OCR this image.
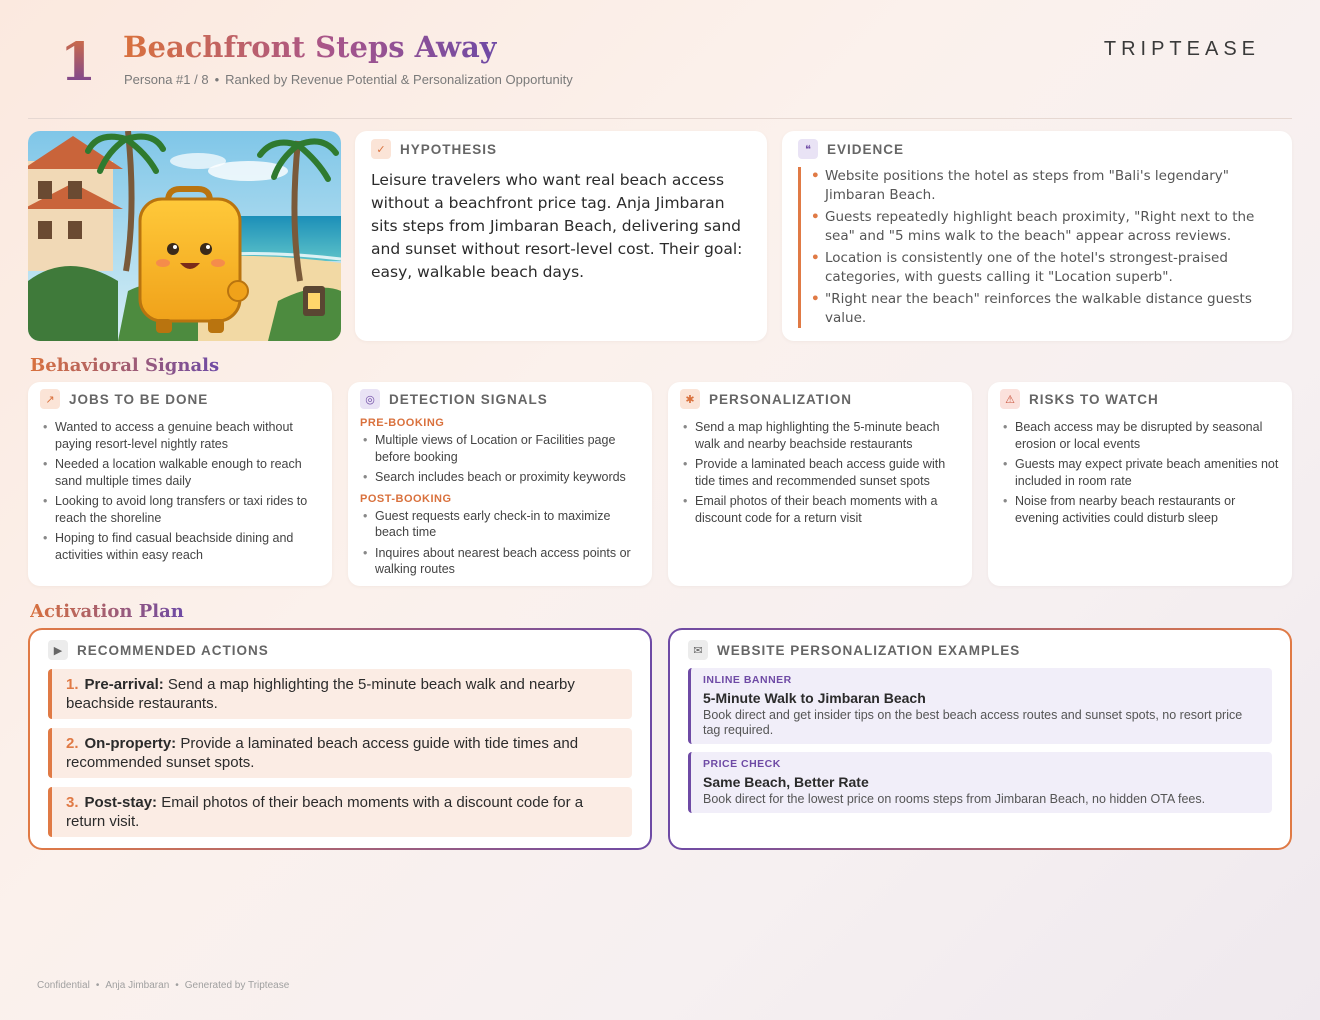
1 Beachfront Steps Away
Persona #1 / 8 • Ranked by Revenue Potential & Personalization Opportunity
TRIPTEASE
✓	HYPOTHESIS
Leisure travelers who want real beach access without a beachfront price tag. Anja Jimbaran sits steps from Jimbaran Beach, delivering sand and sunset without resort-level cost. Their goal: easy, walkable beach days.
❝	EVIDENCE
• Website positions the hotel as steps from "Bali's legendary" Jimbaran Beach.
• Guests repeatedly highlight beach proximity, "Right next to the sea" and "5 mins walk to the beach" appear across reviews.
• Location is consistently one of the hotel's strongest-praised categories, with guests calling it "Location superb".
• "Right near the beach" reinforces the walkable distance guests value.
Behavioral Signals
↗	JOBS TO BE DONE
• Wanted to access a genuine beach without paying resort-level nightly rates
• Needed a location walkable enough to reach sand multiple times daily
• Looking to avoid long transfers or taxi rides to reach the shoreline
• Hoping to find casual beachside dining and activities within easy reach
◎	DETECTION SIGNALS
PRE-BOOKING
• Multiple views of Location or Facilities page before booking
• Search includes beach or proximity keywords
POST-BOOKING
• Guest requests early check-in to maximize beach time
• Inquires about nearest beach access points or walking routes
✱	PERSONALIZATION
• Send a map highlighting the 5-minute beach walk and nearby beachside restaurants
• Provide a laminated beach access guide with tide times and recommended sunset spots
• Email photos of their beach moments with a discount code for a return visit
⚠	RISKS TO WATCH
• Beach access may be disrupted by seasonal erosion or local events
• Guests may expect private beach amenities not included in room rate
• Noise from nearby beach restaurants or evening activities could disturb sleep
Activation Plan
▶	RECOMMENDED ACTIONS
1. Pre-arrival: Send a map highlighting the 5-minute beach walk and nearby beachside restaurants.
2. On-property: Provide a laminated beach access guide with tide times and recommended sunset spots.
3. Post-stay: Email photos of their beach moments with a discount code for a return visit.
✉	WEBSITE PERSONALIZATION EXAMPLES
INLINE BANNER
5-Minute Walk to Jimbaran Beach
Book direct and get insider tips on the best beach access routes and sunset spots, no resort price tag required.
PRICE CHECK
Same Beach, Better Rate
Book direct for the lowest price on rooms steps from Jimbaran Beach, no hidden OTA fees.
Confidential • Anja Jimbaran • Generated by Triptease
